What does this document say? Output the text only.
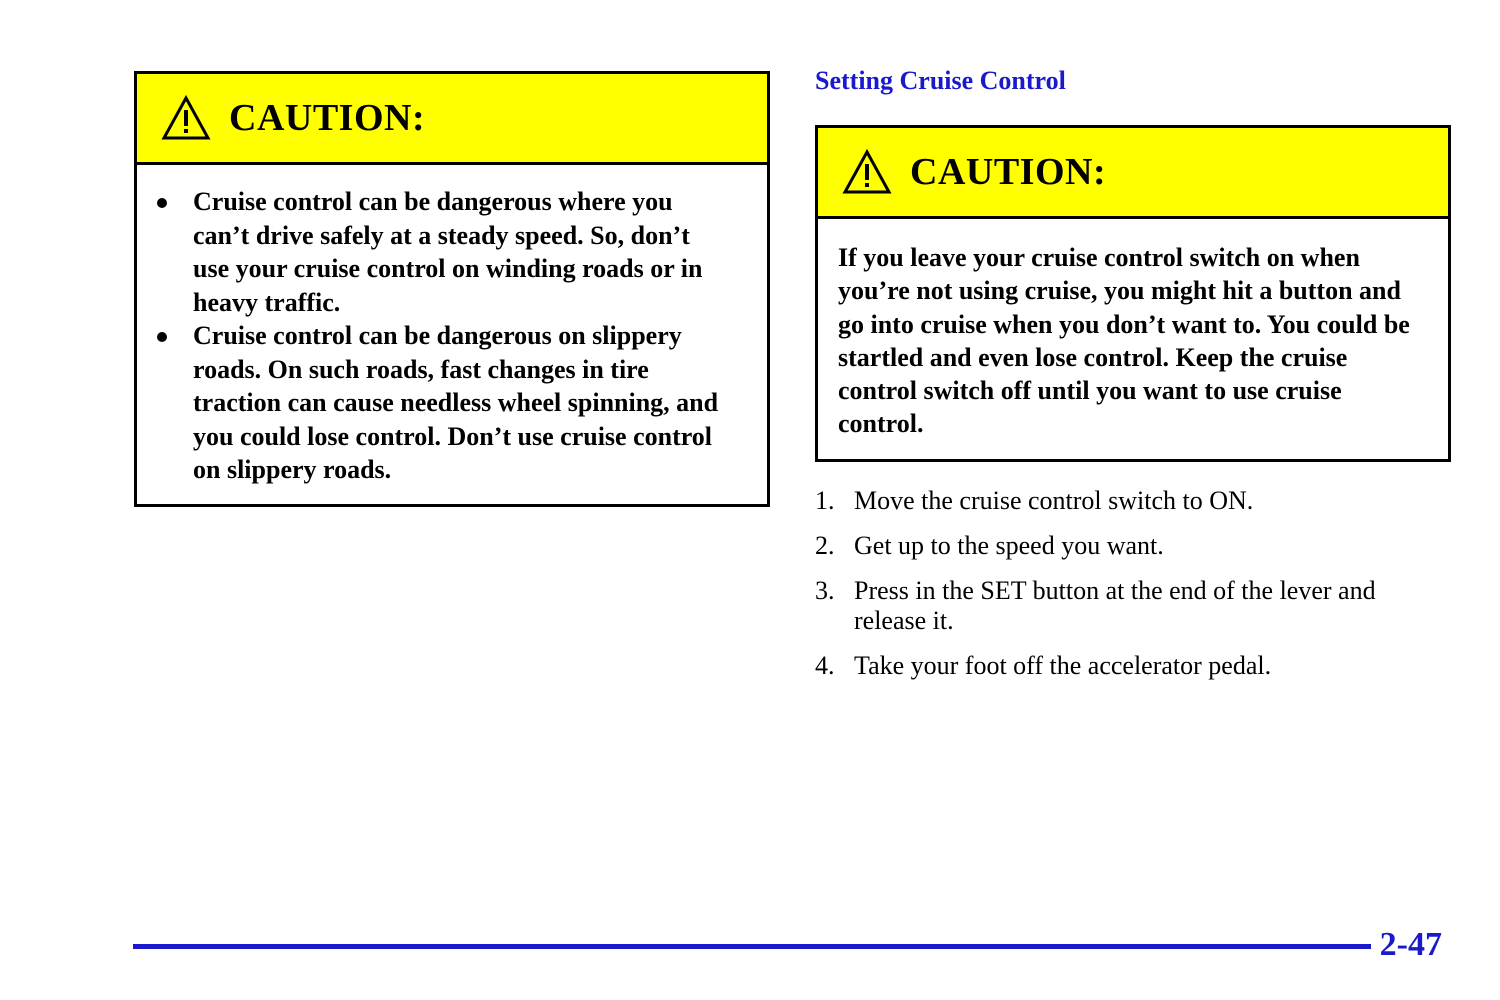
CAUTION:
Cruise control can be dangerous where you can’t drive safely at a steady speed. So, don’t use your cruise control on winding roads or in heavy traffic.
Cruise control can be dangerous on slippery roads. On such roads, fast changes in tire traction can cause needless wheel spinning, and you could lose control. Don’t use cruise control on slippery roads.
Setting Cruise Control
CAUTION:
If you leave your cruise control switch on when you’re not using cruise, you might hit a button and go into cruise when you don’t want to. You could be startled and even lose control. Keep the cruise control switch off until you want to use cruise control.
1. Move the cruise control switch to ON.
2. Get up to the speed you want.
3. Press in the SET button at the end of the lever and release it.
4. Take your foot off the accelerator pedal.
2-47
